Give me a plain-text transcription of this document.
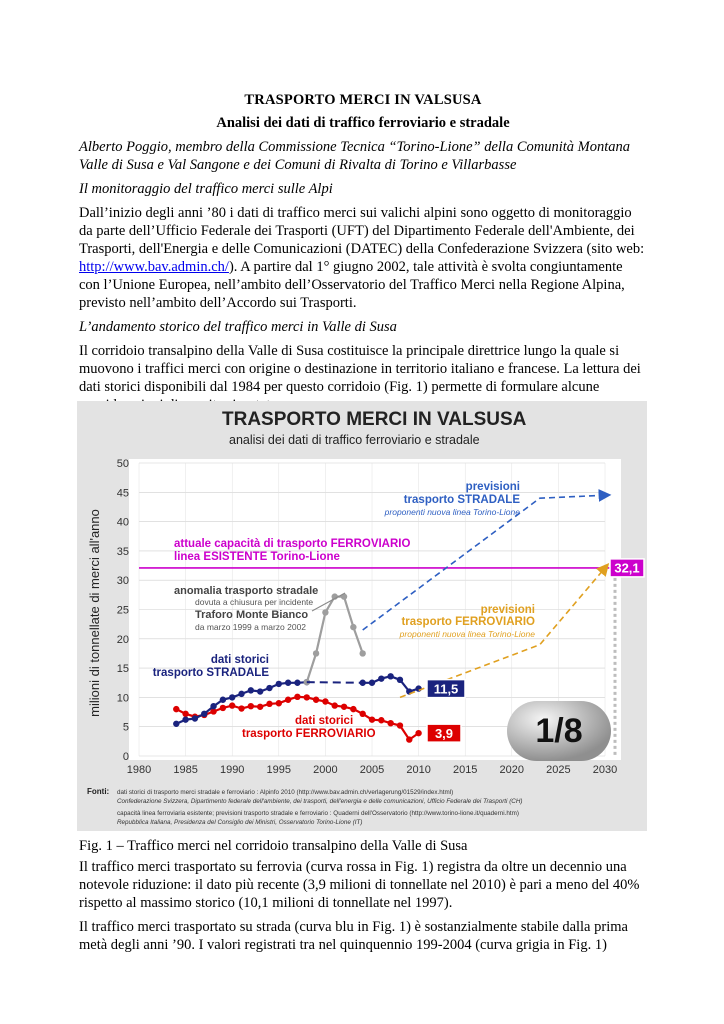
TRASPORTO MERCI IN VALSUSA
Analisi dei dati di traffico ferroviario e stradale
Alberto Poggio, membro della Commissione Tecnica “Torino-Lione” della Comunità Montana Valle di Susa e Val Sangone e dei Comuni di Rivalta di Torino e Villarbasse
Il monitoraggio del traffico merci sulle Alpi

Dall’inizio degli anni ’80 i dati di traffico merci sui valichi alpini sono oggetto di monitoraggio da parte dell’Ufficio Federale dei Trasporti (UFT) del Dipartimento Federale dell'Ambiente, dei Trasporti, dell'Energia e delle Comunicazioni (DATEC) della Confederazione Svizzera (sito web: http://www.bav.admin.ch/). A partire dal 1° giugno 2002, tale attività è svolta congiuntamente con l’Unione Europea, nell’ambito dell’Osservatorio del Traffico Merci nella Regione Alpina, previsto nell’ambito dell’Accordo sui Trasporti.

L’andamento storico del traffico merci in Valle di Susa

Il corridoio transalpino della Valle di Susa costituisce la principale direttrice lungo la quale si muovono i traffici merci con origine o destinazione in territorio italiano e francese. La lettura dei dati storici disponibili dal 1984 per questo corridoio (Fig. 1) permette di formulare alcune

TRASPORTO MERCI IN VALSUSA
analisi dei dati di traffico ferroviario e stradale
0
5
10
15
20
25
30
35
40
45
50
1980 1985 1990 1995 2000 2005 2010 2015 2020 2025 2030
milioni di tonnellate di merci all'anno
previsioni
trasporto STRADALE
proponenti nuova linea Torino-Lione
attuale capacità di trasporto FERROVIARIO
linea ESISTENTE Torino-Lione
anomalia trasporto stradale
dovuta a chiusura per incidente
Traforo Monte Bianco
da marzo 1999 a marzo 2002
previsioni
trasporto FERROVIARIO
proponenti nuova linea Torino-Lione
dati storici
trasporto STRADALE
dati storici
trasporto FERROVIARIO
32,1
11,5
3,9 1/8
Fonti: dati storici di trasporto merci stradale e ferroviario : Alpinfo 2010 (http://www.bav.admin.ch/verlagerung/01529/index.html)
Confederazione Svizzera, Dipartimento federale dell'ambiente, dei trasporti, dell'energia e delle comunicazioni, Ufficio Federale dei Trasporti (CH)
capacità linea ferroviaria esistente; previsioni trasporto stradale e ferroviario : Quaderni dell'Osservatorio (http://www.torino-lione.it/quaderni.htm)
Repubblica Italiana, Presidenza del Consiglio dei Ministri, Osservatorio Torino-Lione (IT)
Fig. 1 – Traffico merci nel corridoio transalpino della Valle di Susa

Il traffico merci trasportato su ferrovia (curva rossa in Fig. 1) registra da oltre un decennio una notevole riduzione: il dato più recente (3,9 milioni di tonnellate nel 2010) è pari a meno del 40% rispetto al massimo storico (10,1 milioni di tonnellate nel 1997).

Il traffico merci trasportato su strada (curva blu in Fig. 1) è sostanzialmente stabile dalla prima metà degli anni ’90. I valori registrati tra nel quinquennio 199-2004 (curva grigia in Fig. 1)
